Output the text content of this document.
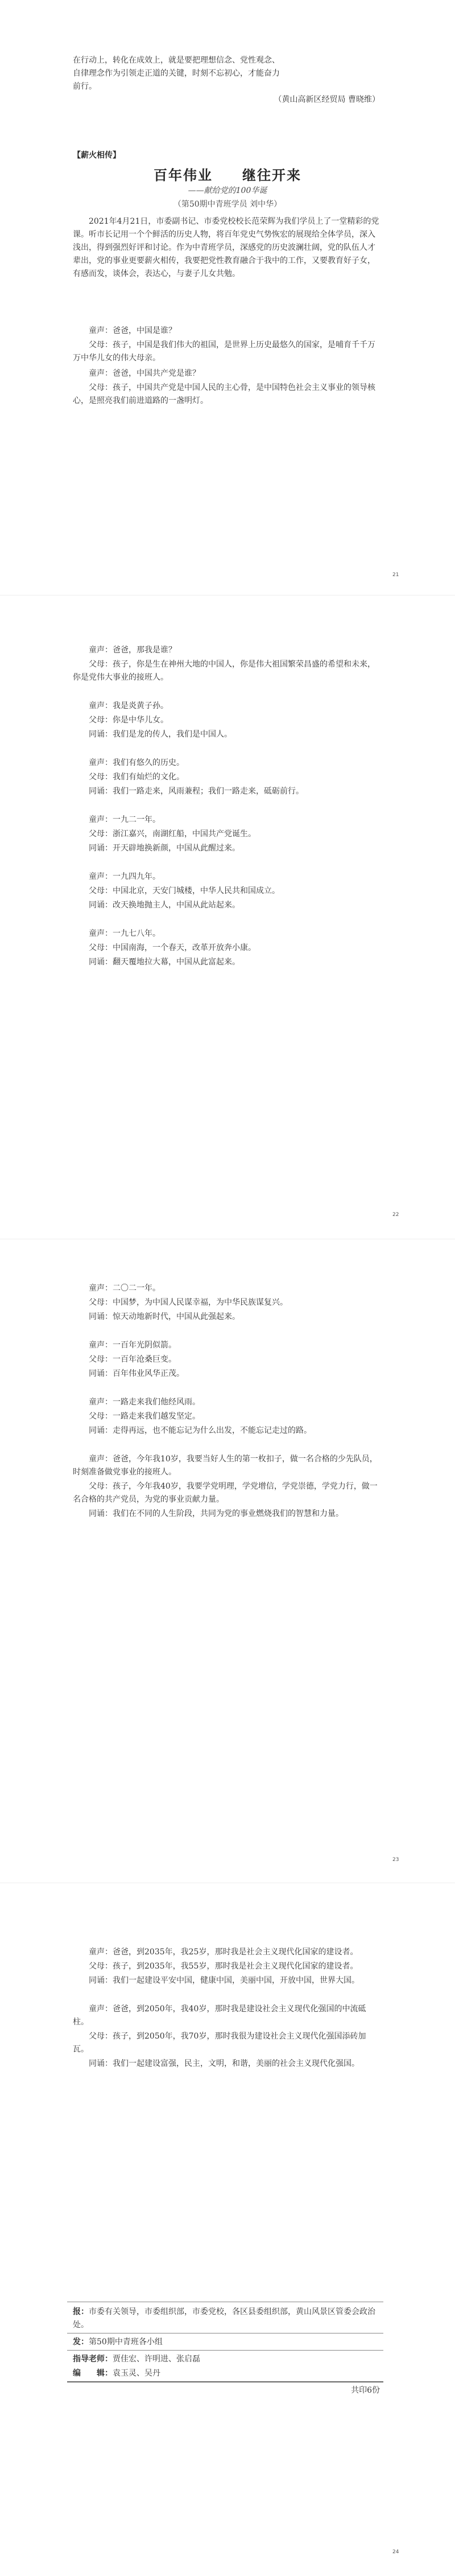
在行动上，转化在成效上，就是要把理想信念、党性观念、

自律理念作为引领走正道的关键，时刻不忘初心，才能奋力

前行。

（黄山高新区经贸局 曹晓维）
【薪火相传】
百年伟业　　继往开来
——献给党的100华诞
（第50期中青班学员 刘中华）

2021年4月21日，市委副书记、市委党校校长范荣辉为我们学员上了一堂精彩的党课。听市长记用一个个鲜活的历史人物，将百年党史气势恢宏的展现给全体学员，深入浅出，得到强烈好评和讨论。作为中青班学员，深感党的历史波澜壮阔，党的队伍人才辈出，党的事业更要薪火相传，我要把党性教育融合于我中的工作，又要教育好子女，有感而发，谈体会，表达心，与妻子儿女共勉。

童声：爸爸，中国是谁？

父母：孩子，中国是我们伟大的祖国，是世界上历史最悠久的国家，是哺育千千万万中华儿女的伟大母亲。

童声：爸爸，中国共产党是谁？

父母：孩子，中国共产党是中国人民的主心骨，是中国特色社会主义事业的领导核心，是照亮我们前进道路的一盏明灯。

21

童声：爸爸，那我是谁？

父母：孩子，你是生在神州大地的中国人，你是伟大祖国繁荣昌盛的希望和未来，你是党伟大事业的接班人。

童声：我是炎黄子孙。

父母：你是中华儿女。

同诵：我们是龙的传人，我们是中国人。

童声：我们有悠久的历史。

父母：我们有灿烂的文化。

同诵：我们一路走来，风雨兼程；我们一路走来，砥砺前行。

童声：一九二一年。

父母：浙江嘉兴，南湖红船，中国共产党诞生。

同诵：开天辟地换新颜，中国从此醒过来。

童声：一九四九年。

父母：中国北京，天安门城楼，中华人民共和国成立。

同诵：改天换地抛主人，中国从此站起来。

童声：一九七八年。

父母：中国南海，一个春天，改革开放奔小康。

同诵：翻天覆地拉大幕，中国从此富起来。

22

童声：二〇二一年。

父母：中国梦，为中国人民谋幸福，为中华民族谋复兴。

同诵：惊天动地新时代，中国从此强起来。

童声：一百年光阴似箭。

父母：一百年沧桑巨变。

同诵：百年伟业风华正茂。

童声：一路走来我们他经风雨。

父母：一路走来我们越发坚定。

同诵：走得再远，也不能忘记为什么出发，不能忘记走过的路。

童声：爸爸，今年我10岁，我要当好人生的第一枚扣子，做一名合格的少先队员，时刻准备做党事业的接班人。

父母：孩子，今年我40岁，我要学党明理，学党增信，学党崇德，学党力行，做一名合格的共产党员，为党的事业贡献力量。

同诵：我们在不同的人生阶段，共同为党的事业燃烧我们的智慧和力量。

23

童声：爸爸，到2035年，我25岁，那时我是社会主义现代化国家的建设者。

父母：孩子，到2035年，我55岁，那时我是社会主义现代化国家的建设者。

同诵：我们一起建设平安中国，健康中国，美丽中国，开放中国，世界大国。

童声：爸爸，到2050年，我40岁，那时我是建设社会主义现代化强国的中流砥柱。

父母：孩子，到2050年，我70岁，那时我很为建设社会主义现代化强国添砖加瓦。

同诵：我们一起建设富强，民主，文明，和谐，美丽的社会主义现代化强国。

报：市委有关领导，市委组织部，市委党校，各区县委组织部，黄山风景区管委会政治处。
发：第50期中青班各小组
指导老师：贾佳宏、许明进、张启磊
编　　辑：袁玉灵、吴丹
共印6份
24
